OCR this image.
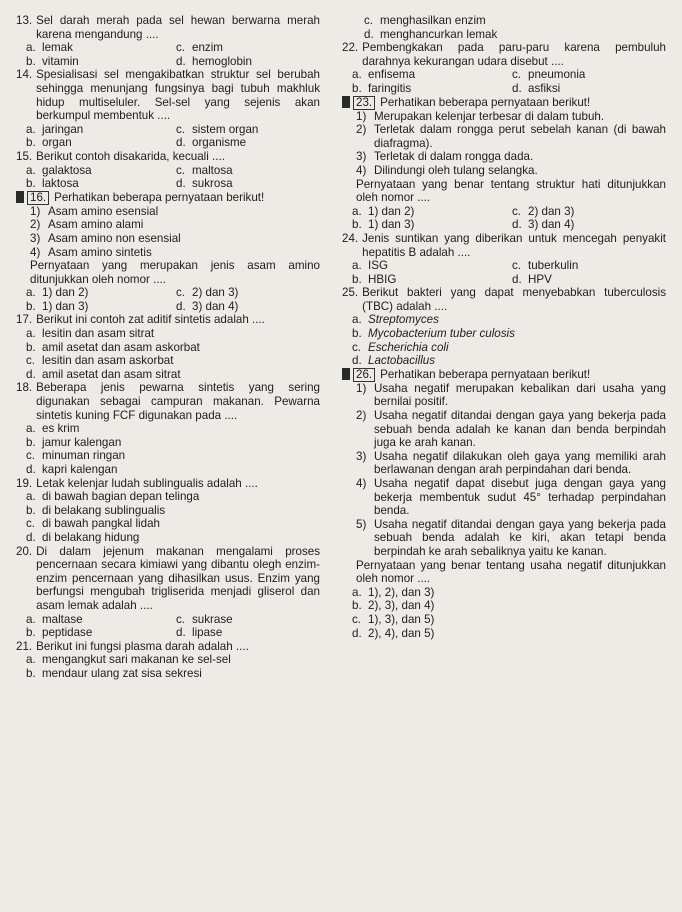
13. Sel darah merah pada sel hewan berwarna merah karena mengandung ....
a. lemak	c. enzim
b. vitamin	d. hemoglobin
14. Spesialisasi sel mengakibatkan struktur sel berubah sehingga menunjang fungsinya bagi tubuh makhluk hidup multiseluler. Sel-sel yang sejenis akan berkumpul membentuk ....
a. jaringan	c. sistem organ
b. organ	d. organisme
15. Berikut contoh disakarida, kecuali ....
a. galaktosa	c. maltosa
b. laktosa	d. sukrosa
16. Perhatikan beberapa pernyataan berikut!
1) Asam amino esensial
2) Asam amino alami
3) Asam amino non esensial
4) Asam amino sintetis
Pernyataan yang merupakan jenis asam amino ditunjukkan oleh nomor ....
a. 1) dan 2)	c. 2) dan 3)
b. 1) dan 3)	d. 3) dan 4)
17. Berikut ini contoh zat aditif sintetis adalah ....
a. lesitin dan asam sitrat
b. amil asetat dan asam askorbat
c. lesitin dan asam askorbat
d. amil asetat dan asam sitrat
18. Beberapa jenis pewarna sintetis yang sering digunakan sebagai campuran makanan. Pewarna sintetis kuning FCF digunakan pada ....
a. es krim
b. jamur kalengan
c. minuman ringan
d. kapri kalengan
19. Letak kelenjar ludah sublingualis adalah ....
a. di bawah bagian depan telinga
b. di belakang sublingualis
c. di bawah pangkal lidah
d. di belakang hidung
20. Di dalam jejenum makanan mengalami proses pencernaan secara kimiawi yang dibantu olegh enzim-enzim pencernaan yang dihasilkan usus. Enzim yang berfungsi mengubah trigliserida menjadi gliserol dan asam lemak adalah ....
a. maltase	c. sukrase
b. peptidase	d. lipase
21. Berikut ini fungsi plasma darah adalah ....
a. mengangkut sari makanan ke sel-sel
b. mendaur ulang zat sisa sekresi
c. menghasilkan enzim
d. menghancurkan lemak
22. Pembengkakan pada paru-paru karena pembuluh darahnya kekurangan udara disebut ....
a. enfisema	c. pneumonia
b. faringitis	d. asfiksi
23. Perhatikan beberapa pernyataan berikut!
1) Merupakan kelenjar terbesar di dalam tubuh.
2) Terletak dalam rongga perut sebelah kanan (di bawah diafragma).
3) Terletak di dalam rongga dada.
4) Dilindungi oleh tulang selangka.
Pernyataan yang benar tentang struktur hati ditunjukkan oleh nomor ....
a. 1) dan 2)	c. 2) dan 3)
b. 1) dan 3)	d. 3) dan 4)
24. Jenis suntikan yang diberikan untuk mencegah penyakit hepatitis B adalah ....
a. ISG	c. tuberkulin
b. HBIG	d. HPV
25. Berikut bakteri yang dapat menyebabkan tuberculosis (TBC) adalah ....
a. Streptomyces
b. Mycobacterium tuber culosis
c. Escherichia coli
d. Lactobacillus
26. Perhatikan beberapa pernyataan berikut!
1) Usaha negatif merupakan kebalikan dari usaha yang bernilai positif.
2) Usaha negatif ditandai dengan gaya yang bekerja pada sebuah benda adalah ke kanan dan benda berpindah juga ke arah kanan.
3) Usaha negatif dilakukan oleh gaya yang memiliki arah berlawanan dengan arah perpindahan dari benda.
4) Usaha negatif dapat disebut juga dengan gaya yang bekerja membentuk sudut 45° terhadap perpindahan benda.
5) Usaha negatif ditandai dengan gaya yang bekerja pada sebuah benda adalah ke kiri, akan tetapi benda berpindah ke arah sebaliknya yaitu ke kanan.
Pernyataan yang benar tentang usaha negatif ditunjukkan oleh nomor ....
a. 1), 2), dan 3)
b. 2), 3), dan 4)
c. 1), 3), dan 5)
d. 2), 4), dan 5)
